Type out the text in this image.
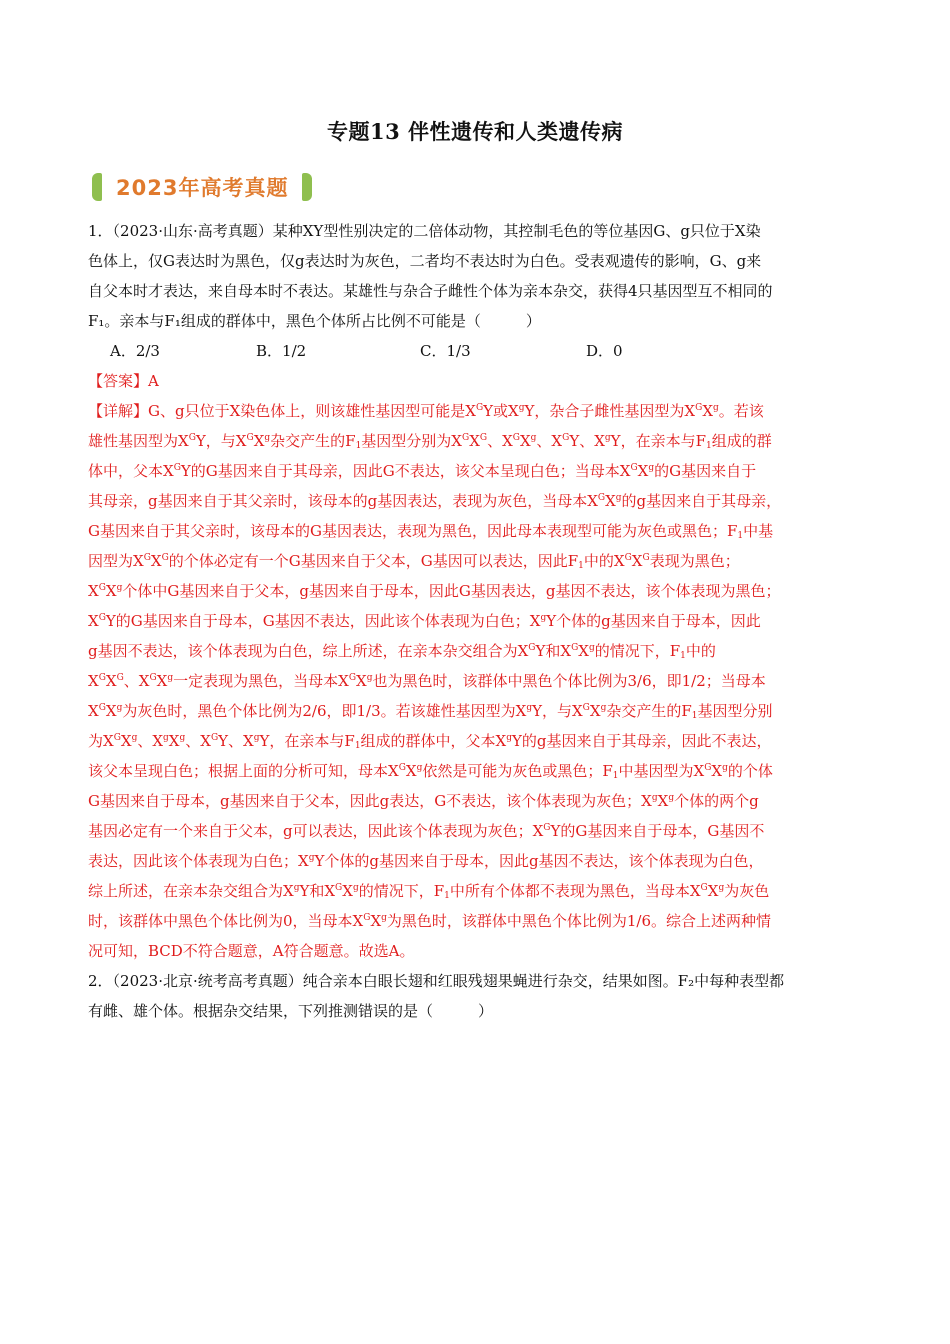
专题13 伴性遗传和人类遗传病
2023年高考真题
1．（2023·山东·高考真题）某种XY型性别决定的二倍体动物，其控制毛色的等位基因G、g只位于X染
色体上，仅G表达时为黑色，仅g表达时为灰色，二者均不表达时为白色。受表观遗传的影响，G、g来
自父本时才表达，来自母本时不表达。某雄性与杂合子雌性个体为亲本杂交，获得4只基因型互不相同的
F₁。亲本与F₁组成的群体中，黑色个体所占比例不可能是（　　　）
A．2/3	B．1/2	C．1/3	D．0
【答案】A
【详解】G、g只位于X染色体上，则该雄性基因型可能是$X^GY$或$X^gY$，杂合子雌性基因型为$X^GX^g$。若该
雄性基因型为$X^GY$，与$X^GX^g$杂交产生的$F_1$基因型分别为$X^GX^G$、$X^GX^g$、$X^GY$、$X^gY$，在亲本与$F_1$组成的群
体中，父本$X^GY$的G基因来自于其母亲，因此G不表达，该父本呈现白色；当母本$X^GX^g$的G基因来自于
其母亲，g基因来自于其父亲时，该母本的g基因表达，表现为灰色，当母本$X^GX^g$的g基因来自于其母亲，
G基因来自于其父亲时，该母本的G基因表达，表现为黑色，因此母本表现型可能为灰色或黑色；$F_1$中基
因型为$X^GX^G$的个体必定有一个G基因来自于父本，G基因可以表达，因此$F_1$中的$X^GX^G$表现为黑色；
$X^GX^g$个体中G基因来自于父本，g基因来自于母本，因此G基因表达，g基因不表达，该个体表现为黑色；
$X^GY$的G基因来自于母本，G基因不表达，因此该个体表现为白色；$X^gY$个体的g基因来自于母本，因此
g基因不表达，该个体表现为白色，综上所述，在亲本杂交组合为$X^GY$和$X^GX^g$的情况下，$F_1$中的
$X^GX^G$、$X^GX^g$一定表现为黑色，当母本$X^GX^g$也为黑色时，该群体中黑色个体比例为3/6，即1/2；当母本
$X^GX^g$为灰色时，黑色个体比例为2/6，即1/3。若该雄性基因型为$X^gY$，与$X^GX^g$杂交产生的$F_1$基因型分别
为$X^GX^g$、$X^gX^g$、$X^GY$、$X^gY$，在亲本与$F_1$组成的群体中，父本$X^gY$的g基因来自于其母亲，因此不表达，
该父本呈现白色；根据上面的分析可知，母本$X^GX^g$依然是可能为灰色或黑色；$F_1$中基因型为$X^GX^g$的个体
G基因来自于母本，g基因来自于父本，因此g表达，G不表达，该个体表现为灰色；$X^gX^g$个体的两个g
基因必定有一个来自于父本，g可以表达，因此该个体表现为灰色；$X^GY$的G基因来自于母本，G基因不
表达，因此该个体表现为白色；$X^gY$个体的g基因来自于母本，因此g基因不表达，该个体表现为白色，
综上所述，在亲本杂交组合为$X^gY$和$X^GX^g$的情况下，$F_1$中所有个体都不表现为黑色，当母本$X^GX^g$为灰色
时，该群体中黑色个体比例为0，当母本$X^GX^g$为黑色时，该群体中黑色个体比例为1/6。综合上述两种情
况可知，BCD不符合题意，A符合题意。故选A。
2．（2023·北京·统考高考真题）纯合亲本白眼长翅和红眼残翅果蝇进行杂交，结果如图。F₂中每种表型都
有雌、雄个体。根据杂交结果，下列推测错误的是（　　　）
